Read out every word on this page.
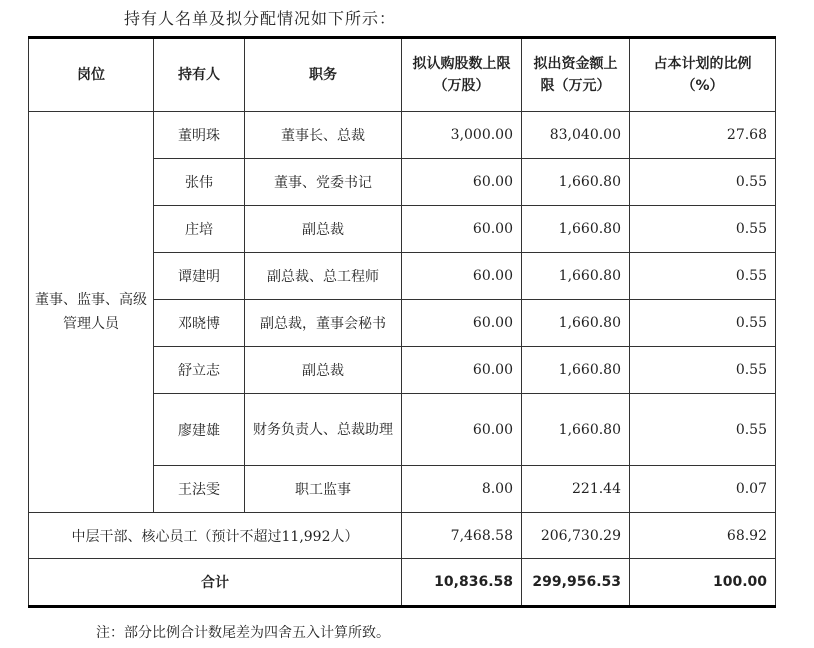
持有人名单及拟分配情况如下所示：
岗位	持有人	职务	拟认购股数上限（万股）	拟出资金额上限（万元）	占本计划的比例（%）
董事、监事、高级管理人员	董明珠	董事长、总裁	3,000.00	83,040.00	27.68
	张伟	董事、党委书记	60.00	1,660.80	0.55
	庄培	副总裁	60.00	1,660.80	0.55
	谭建明	副总裁、总工程师	60.00	1,660.80	0.55
	邓晓博	副总裁，董事会秘书	60.00	1,660.80	0.55
	舒立志	副总裁	60.00	1,660.80	0.55
	廖建雄	财务负责人、总裁助理	60.00	1,660.80	0.55
	王法雯	职工监事	8.00	221.44	0.07
中层干部、核心员工（预计不超过11,992人）			7,468.58	206,730.29	68.92
合计			10,836.58	299,956.53	100.00
注：部分比例合计数尾差为四舍五入计算所致。
